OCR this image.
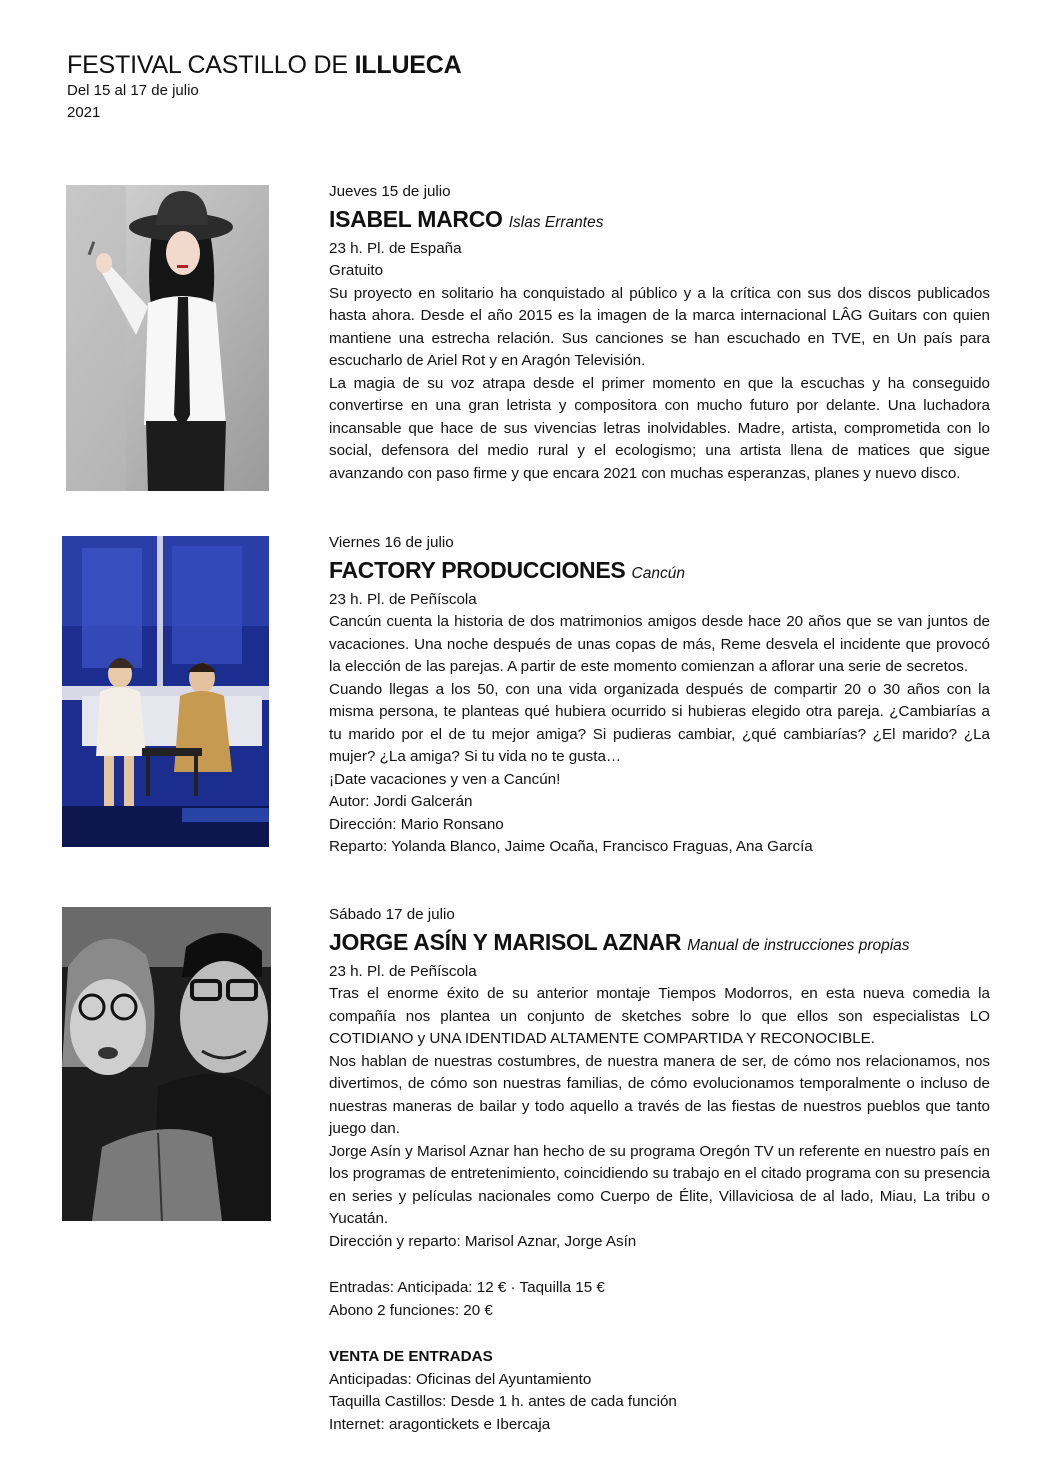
FESTIVAL CASTILLO DE ILLUECA
Del 15 al 17 de julio
2021
Jueves 15 de julio
ISABEL MARCO Islas Errantes
23 h. Pl. de España
Gratuito

Su proyecto en solitario ha conquistado al público y a la crítica con sus dos discos publicados hasta ahora. Desde el año 2015 es la imagen de la marca internacional LÂG Guitars con quien mantiene una estrecha relación. Sus canciones se han escuchado en TVE, en Un país para escucharlo de Ariel Rot y en Aragón Televisión.

La magia de su voz atrapa desde el primer momento en que la escuchas y ha conseguido convertirse en una gran letrista y compositora con mucho futuro por delante. Una luchadora incansable que hace de sus vivencias letras inolvidables. Madre, artista, comprometida con lo social, defensora del medio rural y el ecologismo; una artista llena de matices que sigue avanzando con paso firme y que encara 2021 con muchas esperanzas, planes y nuevo disco.

Viernes 16 de julio
FACTORY PRODUCCIONES Cancún
23 h. Pl. de Peñíscola

Cancún cuenta la historia de dos matrimonios amigos desde hace 20 años que se van juntos de vacaciones. Una noche después de unas copas de más, Reme desvela el incidente que provocó la elección de las parejas. A partir de este momento comienzan a aflorar una serie de secretos.

Cuando llegas a los 50, con una vida organizada después de compartir 20 o 30 años con la misma persona, te planteas qué hubiera ocurrido si hubieras elegido otra pareja. ¿Cambiarías a tu marido por el de tu mejor amiga? Si pudieras cambiar, ¿qué cambiarías? ¿El marido? ¿La mujer? ¿La amiga? Si tu vida no te gusta…

¡Date vacaciones y ven a Cancún!
Autor: Jordi Galcerán
Dirección: Mario Ronsano
Reparto: Yolanda Blanco, Jaime Ocaña, Francisco Fraguas, Ana García
Sábado 17 de julio
JORGE ASÍN Y MARISOL AZNAR Manual de instrucciones propias
23 h. Pl. de Peñíscola

Tras el enorme éxito de su anterior montaje Tiempos Modorros, en esta nueva comedia la compañía nos plantea un conjunto de sketches sobre lo que ellos son especialistas LO COTIDIANO y UNA IDENTIDAD ALTAMENTE COMPARTIDA Y RECONOCIBLE.

Nos hablan de nuestras costumbres, de nuestra manera de ser, de cómo nos relacionamos, nos divertimos, de cómo son nuestras familias, de cómo evolucionamos temporalmente o incluso de nuestras maneras de bailar y todo aquello a través de las fiestas de nuestros pueblos que tanto juego dan.

Jorge Asín y Marisol Aznar han hecho de su programa Oregón TV un referente en nuestro país en los programas de entretenimiento, coincidiendo su trabajo en el citado programa con su presencia en series y películas nacionales como Cuerpo de Élite, Villaviciosa de al lado, Miau, La tribu o Yucatán.

Dirección y reparto: Marisol Aznar, Jorge Asín
Entradas: Anticipada: 12 € · Taquilla 15 €
Abono 2 funciones: 20 €
VENTA DE ENTRADAS
Anticipadas: Oficinas del Ayuntamiento
Taquilla Castillos: Desde 1 h. antes de cada función
Internet: aragontickets e Ibercaja
